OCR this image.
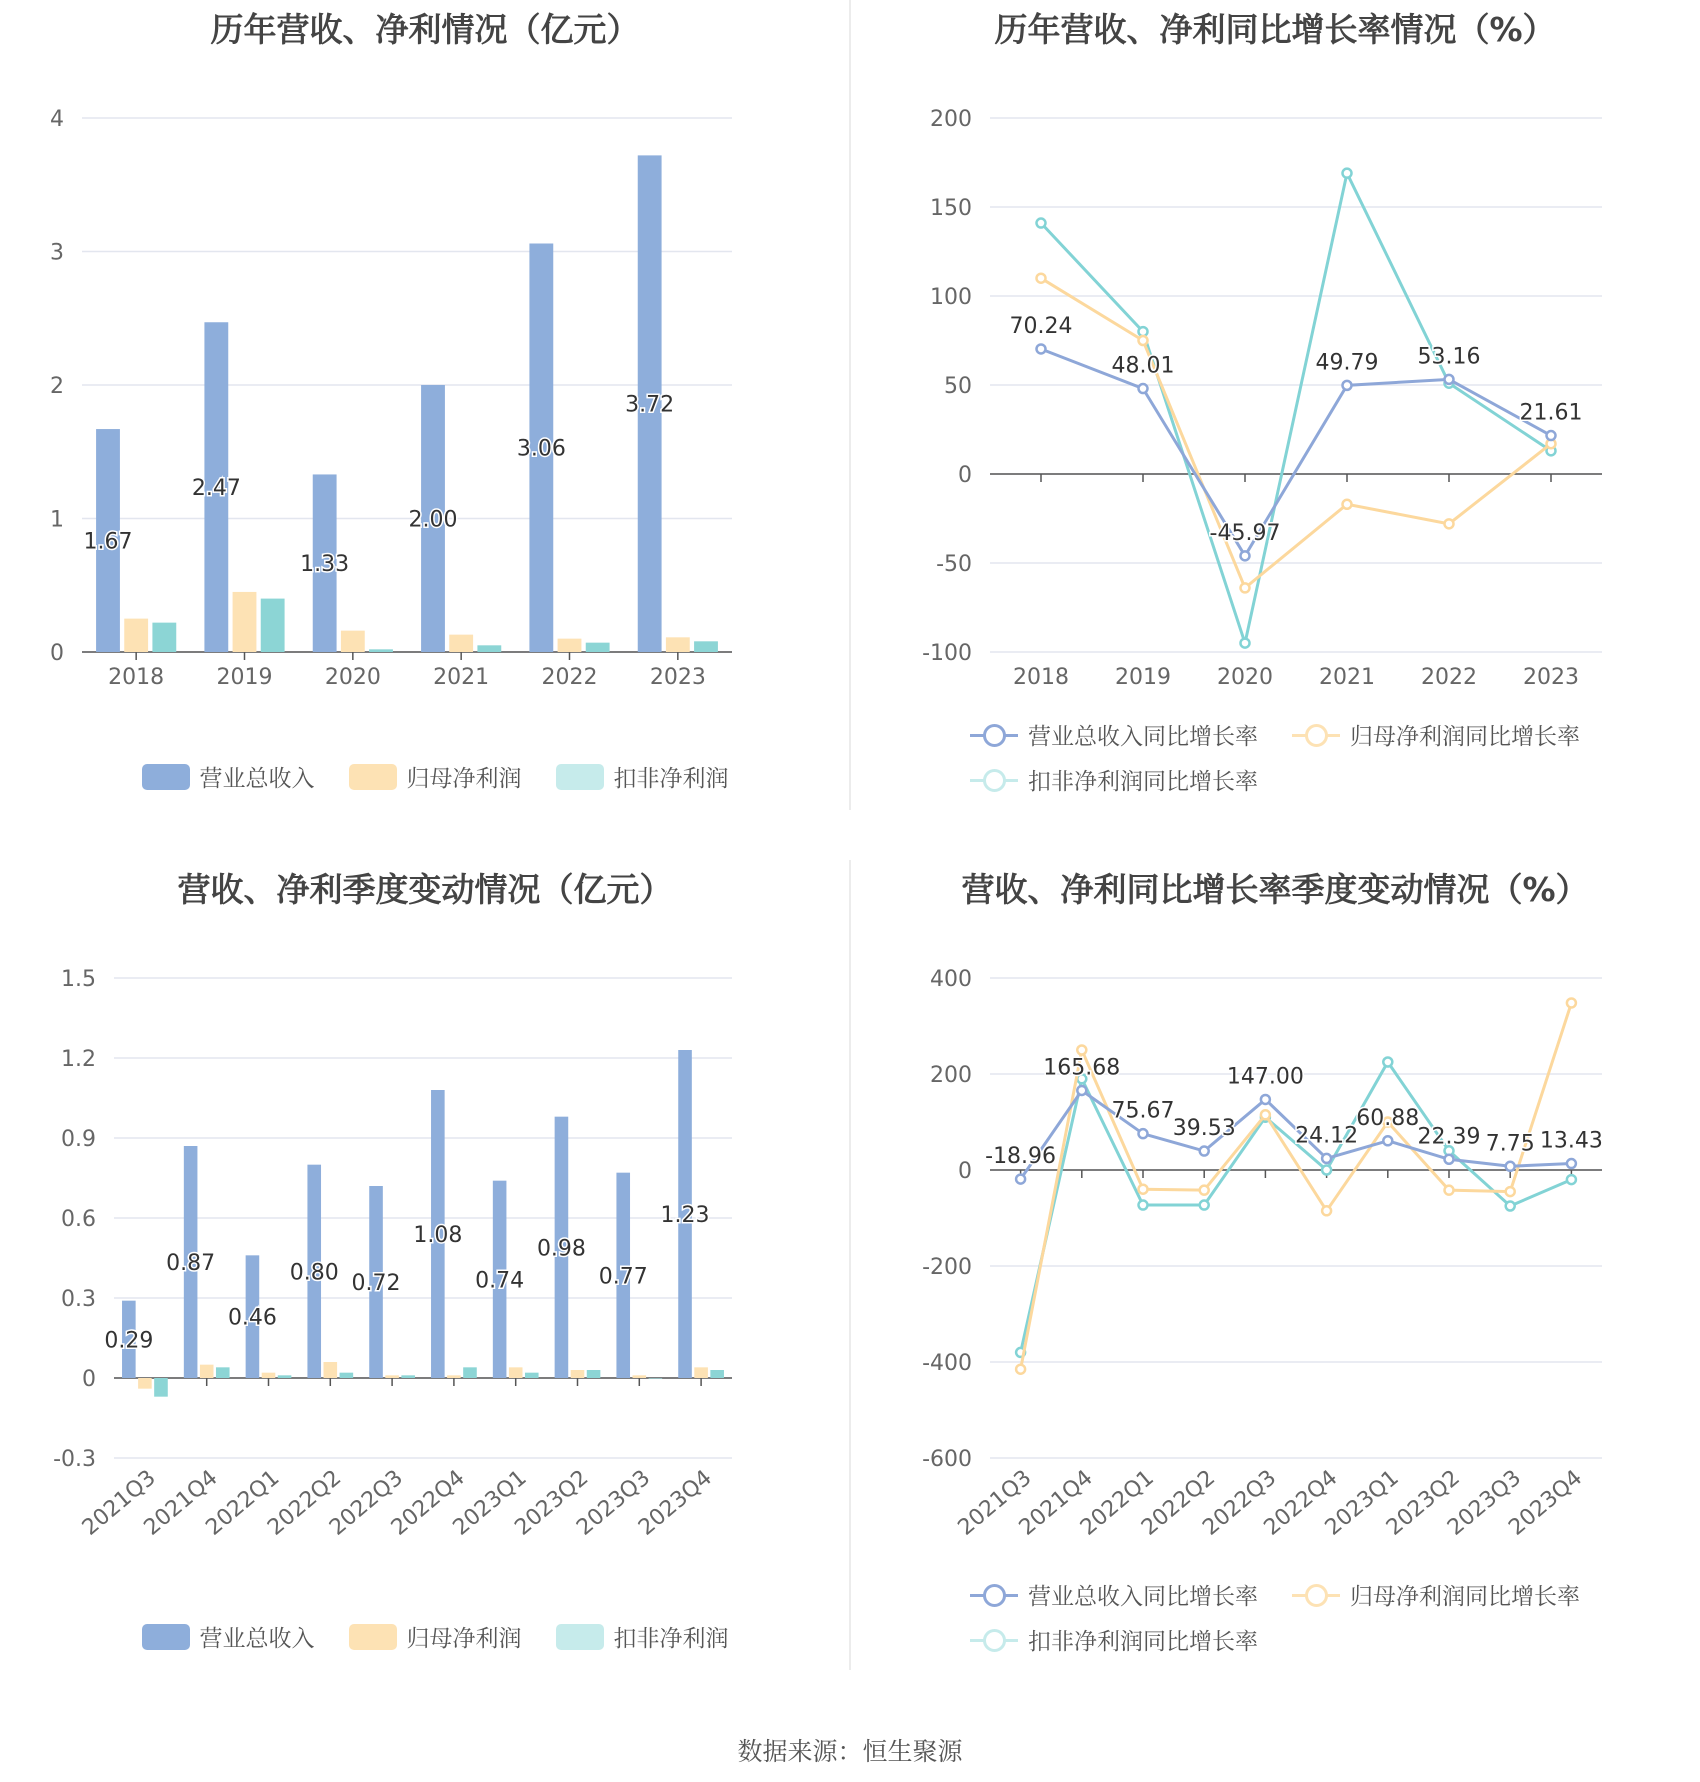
历年营收、净利情况（亿元）
0
1
2
3
4
2018 2019 2020 2021 2022 2023
1.67
2.47
1.33
2.00
3.06
3.72
营业总收入	归母净利润	扣非净利润
历年营收、净利同比增长率情况（%）
-100
-50
0
50
100
150
200
2018 2019 2020 2021 2022 2023
70.24
48.01
-45.97
49.79 53.16
21.61
营业总收入同比增长率	归母净利润同比增长率
扣非净利润同比增长率
营收、净利季度变动情况（亿元）
-0.3
0
0.3
0.6
0.9
1.2
1.5
2021Q3
2021Q4
2022Q1
2022Q2
2022Q3
2022Q4
2023Q1
2023Q2
2023Q3
2023Q4
0.29
0.87
0.46
0.80 0.72
1.08
0.74
0.98
0.77
1.23
营业总收入	归母净利润	扣非净利润
营收、净利同比增长率季度变动情况（%）
-600
-400
-200
0
200
400
2021Q3
2021Q4
2022Q1
2022Q2
2022Q3
2022Q4
2023Q1
2023Q2
2023Q3
2023Q4
-18.96
165.68
75.67
39.53
147.00
24.12
60.88
22.39 7.75 13.43
营业总收入同比增长率	归母净利润同比增长率
扣非净利润同比增长率
数据来源：恒生聚源
